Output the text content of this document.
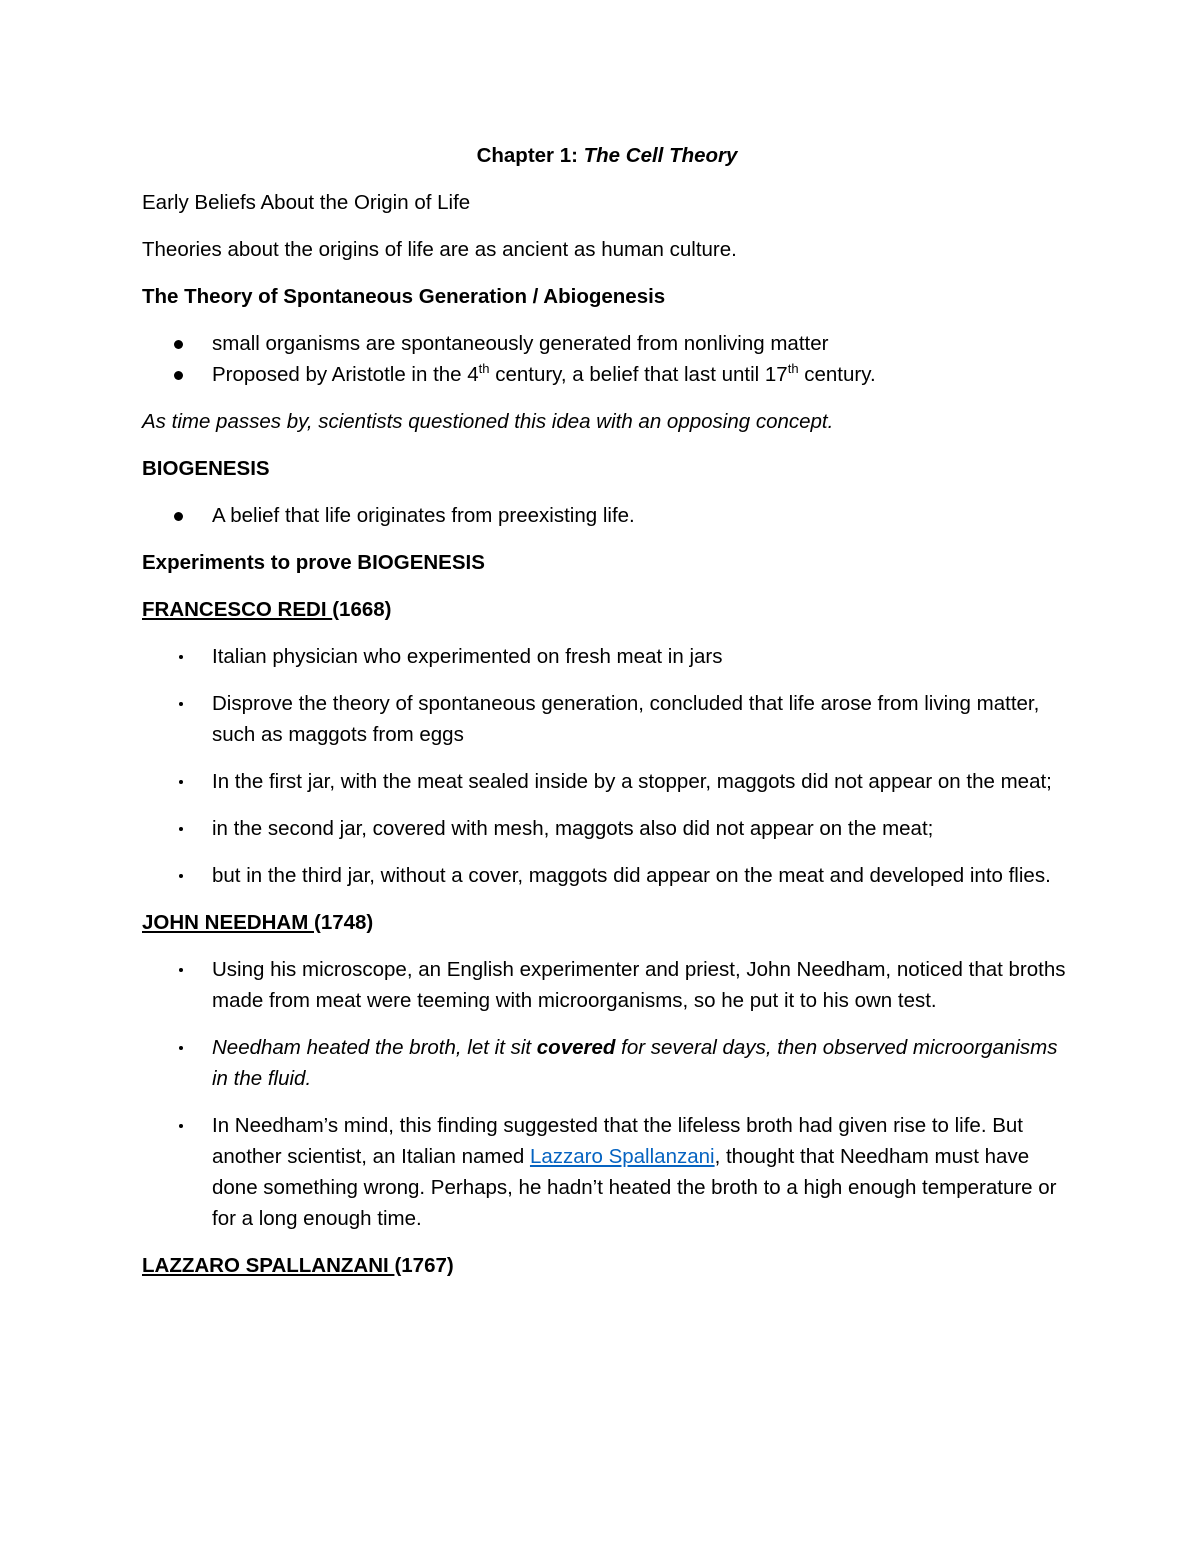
Chapter 1: The Cell Theory

Early Beliefs About the Origin of Life

Theories about the origins of life are as ancient as human culture.

The Theory of Spontaneous Generation / Abiogenesis

small organisms are spontaneously generated from nonliving matter
Proposed by Aristotle in the 4th century, a belief that last until 17th century.

As time passes by, scientists questioned this idea with an opposing concept.

BIOGENESIS

A belief that life originates from preexisting life.

Experiments to prove BIOGENESIS

FRANCESCO REDI (1668)

Italian physician who experimented on fresh meat in jars
Disprove the theory of spontaneous generation, concluded that life arose from living matter, such as maggots from eggs
In the first jar, with the meat sealed inside by a stopper, maggots did not appear on the meat;
in the second jar, covered with mesh, maggots also did not appear on the meat;
but in the third jar, without a cover, maggots did appear on the meat and developed into flies.

JOHN NEEDHAM (1748)

Using his microscope, an English experimenter and priest, John Needham, noticed that broths made from meat were teeming with microorganisms, so he put it to his own test.
Needham heated the broth, let it sit covered for several days, then observed microorganisms in the fluid.
In Needham’s mind, this finding suggested that the lifeless broth had given rise to life. But another scientist, an Italian named Lazzaro Spallanzani, thought that Needham must have done something wrong. Perhaps, he hadn’t heated the broth to a high enough temperature or for a long enough time.

LAZZARO SPALLANZANI (1767)
